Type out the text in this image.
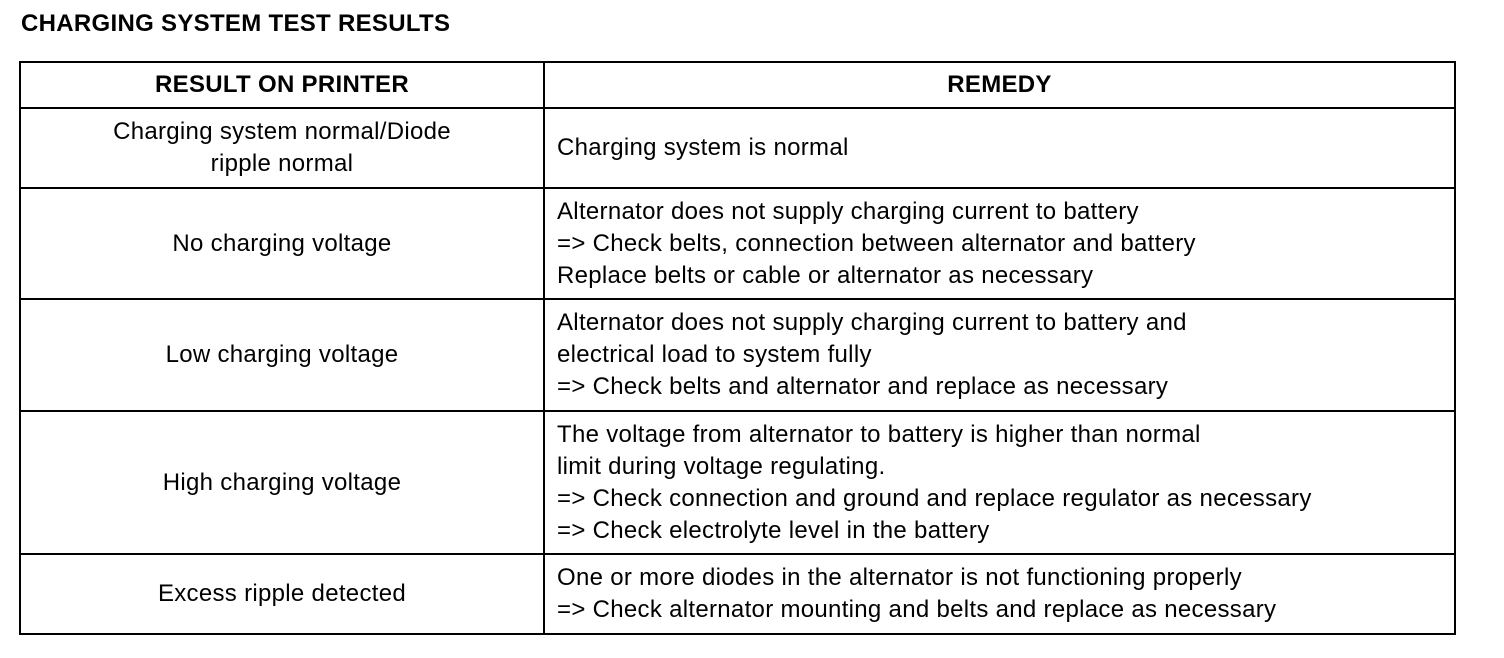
CHARGING SYSTEM TEST RESULTS
RESULT ON PRINTER	REMEDY

Charging system normal/Diode
ripple normal	Charging system is normal

No charging voltage	Alternator does not supply charging current to battery
=> Check belts, connection between alternator and battery
Replace belts or cable or alternator as necessary

Low charging voltage	Alternator does not supply charging current to battery and
electrical load to system fully
=> Check belts and alternator and replace as necessary

High charging voltage	The voltage from alternator to battery is higher than normal
limit during voltage regulating.
=> Check connection and ground and replace regulator as necessary
=> Check electrolyte level in the battery

Excess ripple detected	One or more diodes in the alternator is not functioning properly
=> Check alternator mounting and belts and replace as necessary
